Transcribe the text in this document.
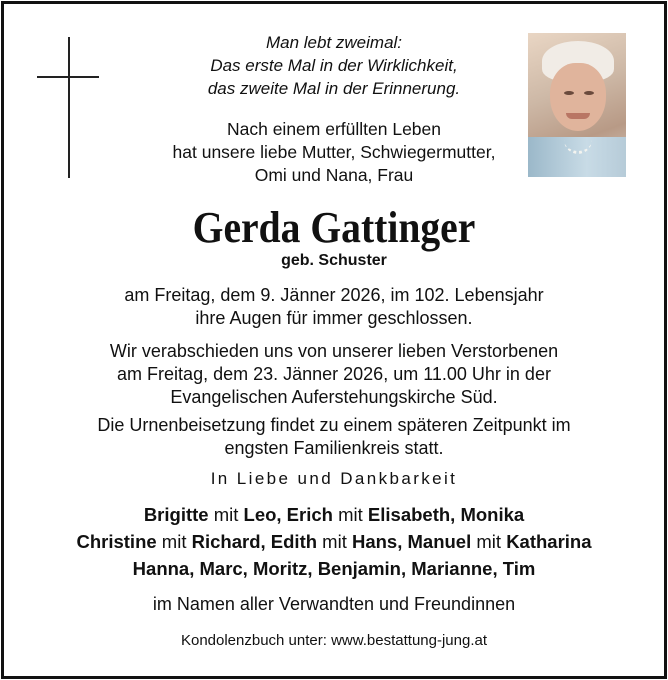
Man lebt zweimal:

Das erste Mal in der Wirklichkeit,

das zweite Mal in der Erinnerung.

Nach einem erfüllten Leben

hat unsere liebe Mutter, Schwiegermutter,

Omi und Nana, Frau

Gerda Gattinger

geb. Schuster

am Freitag, dem 9. Jänner 2026, im 102. Lebensjahr

ihre Augen für immer geschlossen.

Wir verabschieden uns von unserer lieben Verstorbenen

am Freitag, dem 23. Jänner 2026, um 11.00 Uhr in der

Evangelischen Auferstehungskirche Süd.

Die Urnenbeisetzung findet zu einem späteren Zeitpunkt im

engsten Familienkreis statt.

In Liebe und Dankbarkeit

Brigitte mit Leo, Erich mit Elisabeth, Monika

Christine mit Richard, Edith mit Hans, Manuel mit Katharina

Hanna, Marc, Moritz, Benjamin, Marianne, Tim

im Namen aller Verwandten und Freundinnen

Kondolenzbuch unter: www.bestattung-jung.at
